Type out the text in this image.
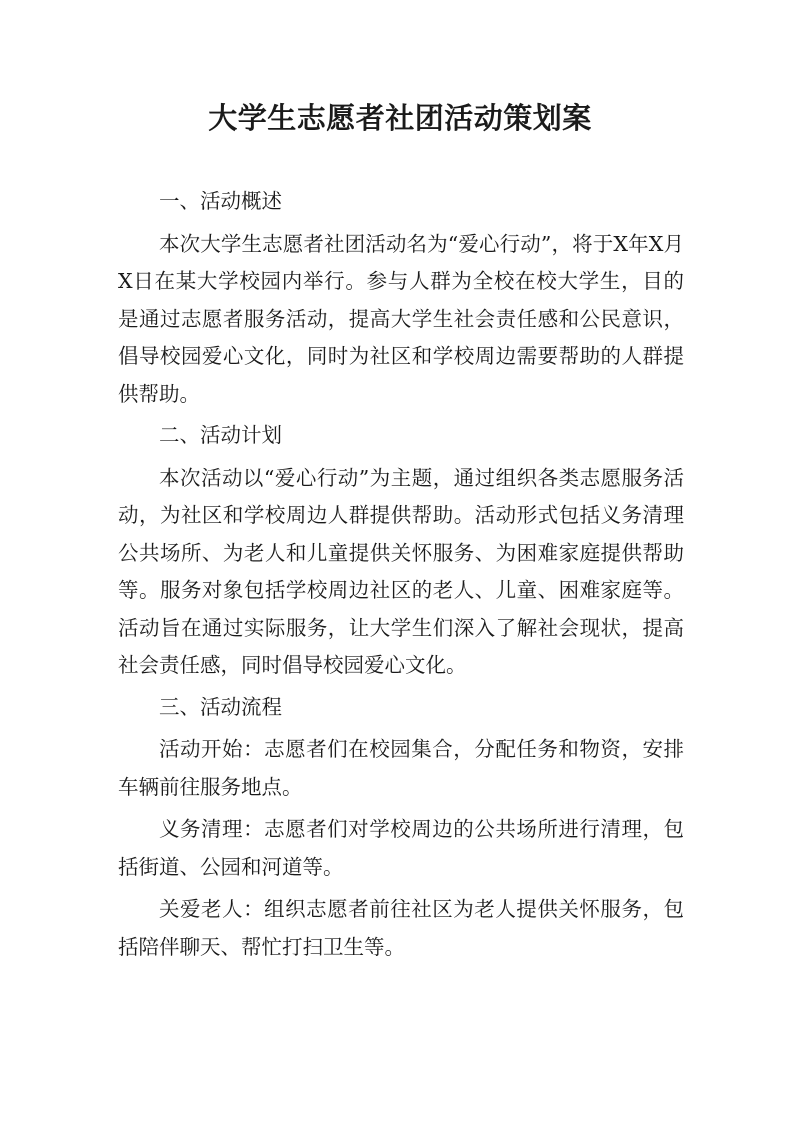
大学生志愿者社团活动策划案

一、活动概述

本次大学生志愿者社团活动名为“爱心行动”，将于X年X月X日在某大学校园内举行。参与人群为全校在校大学生，目的是通过志愿者服务活动，提高大学生社会责任感和公民意识，倡导校园爱心文化，同时为社区和学校周边需要帮助的人群提供帮助。

二、活动计划

本次活动以“爱心行动”为主题，通过组织各类志愿服务活动，为社区和学校周边人群提供帮助。活动形式包括义务清理公共场所、为老人和儿童提供关怀服务、为困难家庭提供帮助等。服务对象包括学校周边社区的老人、儿童、困难家庭等。活动旨在通过实际服务，让大学生们深入了解社会现状，提高社会责任感，同时倡导校园爱心文化。

三、活动流程

活动开始：志愿者们在校园集合，分配任务和物资，安排车辆前往服务地点。

义务清理：志愿者们对学校周边的公共场所进行清理，包括街道、公园和河道等。

关爱老人：组织志愿者前往社区为老人提供关怀服务，包括陪伴聊天、帮忙打扫卫生等。
